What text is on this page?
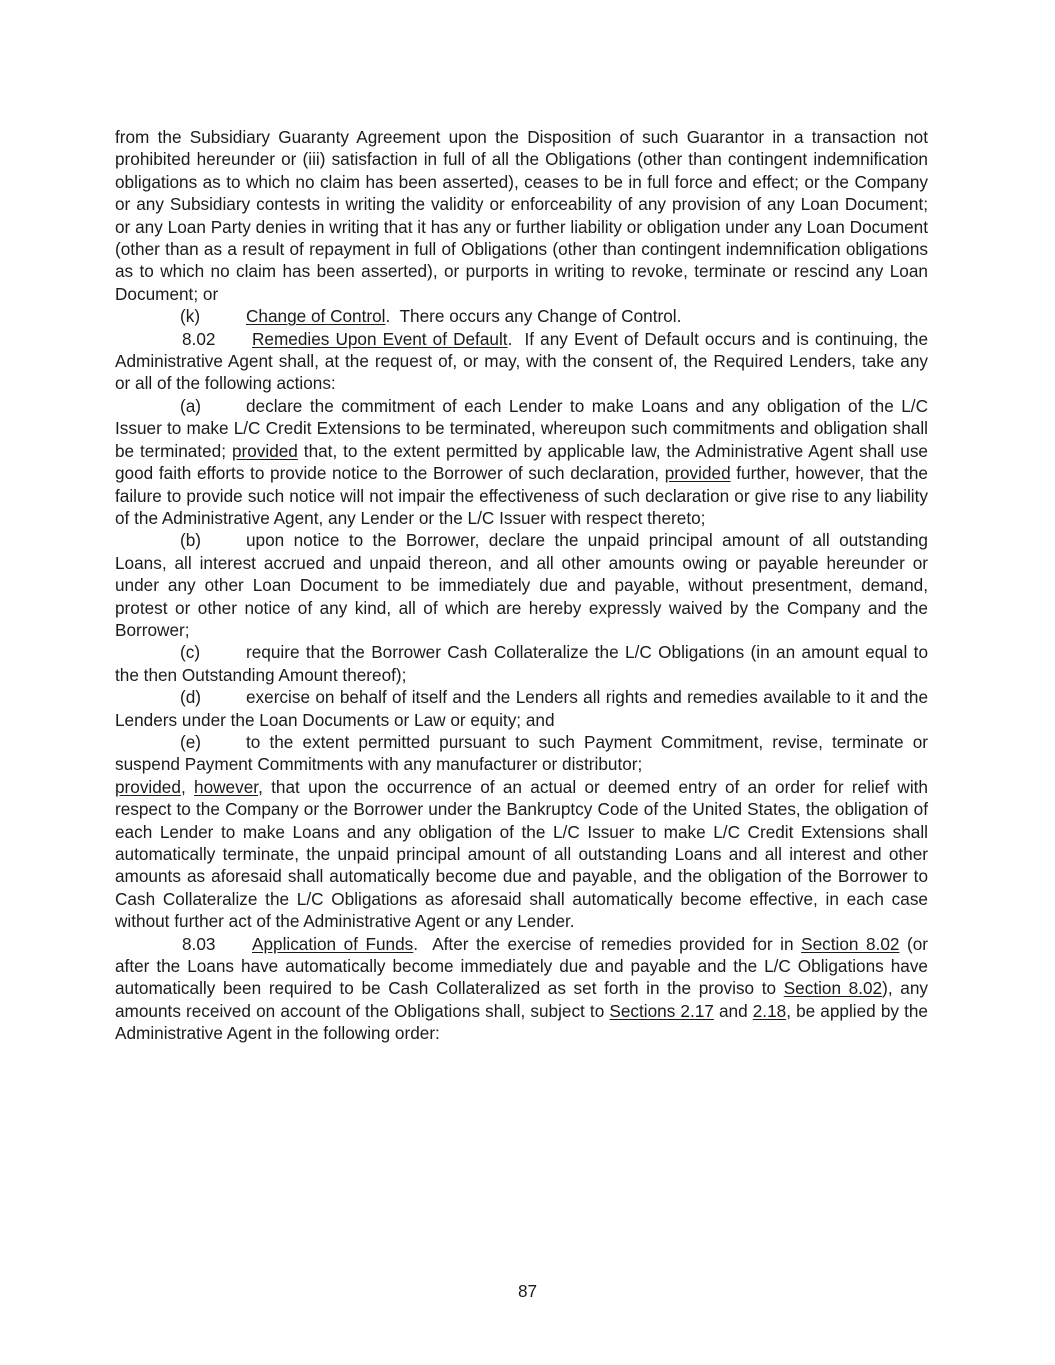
from the Subsidiary Guaranty Agreement upon the Disposition of such Guarantor in a transaction not prohibited hereunder or (iii) satisfaction in full of all the Obligations (other than contingent indemnification obligations as to which no claim has been asserted), ceases to be in full force and effect; or the Company or any Subsidiary contests in writing the validity or enforceability of any provision of any Loan Document; or any Loan Party denies in writing that it has any or further liability or obligation under any Loan Document (other than as a result of repayment in full of Obligations (other than contingent indemnification obligations as to which no claim has been asserted), or purports in writing to revoke, terminate or rescind any Loan Document; or

(k)	Change of Control.  There occurs any Change of Control.

8.02 Remedies Upon Event of Default.  If any Event of Default occurs and is continuing, the Administrative Agent shall, at the request of, or may, with the consent of, the Required Lenders, take any or all of the following actions:

(a)	declare the commitment of each Lender to make Loans and any obligation of the L/C Issuer to make L/C Credit Extensions to be terminated, whereupon such commitments and obligation shall be terminated; provided that, to the extent permitted by applicable law, the Administrative Agent shall use good faith efforts to provide notice to the Borrower of such declaration, provided further, however, that the failure to provide such notice will not impair the effectiveness of such declaration or give rise to any liability of the Administrative Agent, any Lender or the L/C Issuer with respect thereto;

(b)	upon notice to the Borrower, declare the unpaid principal amount of all outstanding Loans, all interest accrued and unpaid thereon, and all other amounts owing or payable hereunder or under any other Loan Document to be immediately due and payable, without presentment, demand, protest or other notice of any kind, all of which are hereby expressly waived by the Company and the Borrower;

(c)	require that the Borrower Cash Collateralize the L/C Obligations (in an amount equal to the then Outstanding Amount thereof);

(d)	exercise on behalf of itself and the Lenders all rights and remedies available to it and the Lenders under the Loan Documents or Law or equity; and

(e)	to the extent permitted pursuant to such Payment Commitment, revise, terminate or suspend Payment Commitments with any manufacturer or distributor;

provided, however, that upon the occurrence of an actual or deemed entry of an order for relief with respect to the Company or the Borrower under the Bankruptcy Code of the United States, the obligation of each Lender to make Loans and any obligation of the L/C Issuer to make L/C Credit Extensions shall automatically terminate, the unpaid principal amount of all outstanding Loans and all interest and other amounts as aforesaid shall automatically become due and payable, and the obligation of the Borrower to Cash Collateralize the L/C Obligations as aforesaid shall automatically become effective, in each case without further act of the Administrative Agent or any Lender.

8.03 Application of Funds.  After the exercise of remedies provided for in Section 8.02 (or after the Loans have automatically become immediately due and payable and the L/C Obligations have automatically been required to be Cash Collateralized as set forth in the proviso to Section 8.02), any amounts received on account of the Obligations shall, subject to Sections 2.17 and 2.18, be applied by the Administrative Agent in the following order:

87
